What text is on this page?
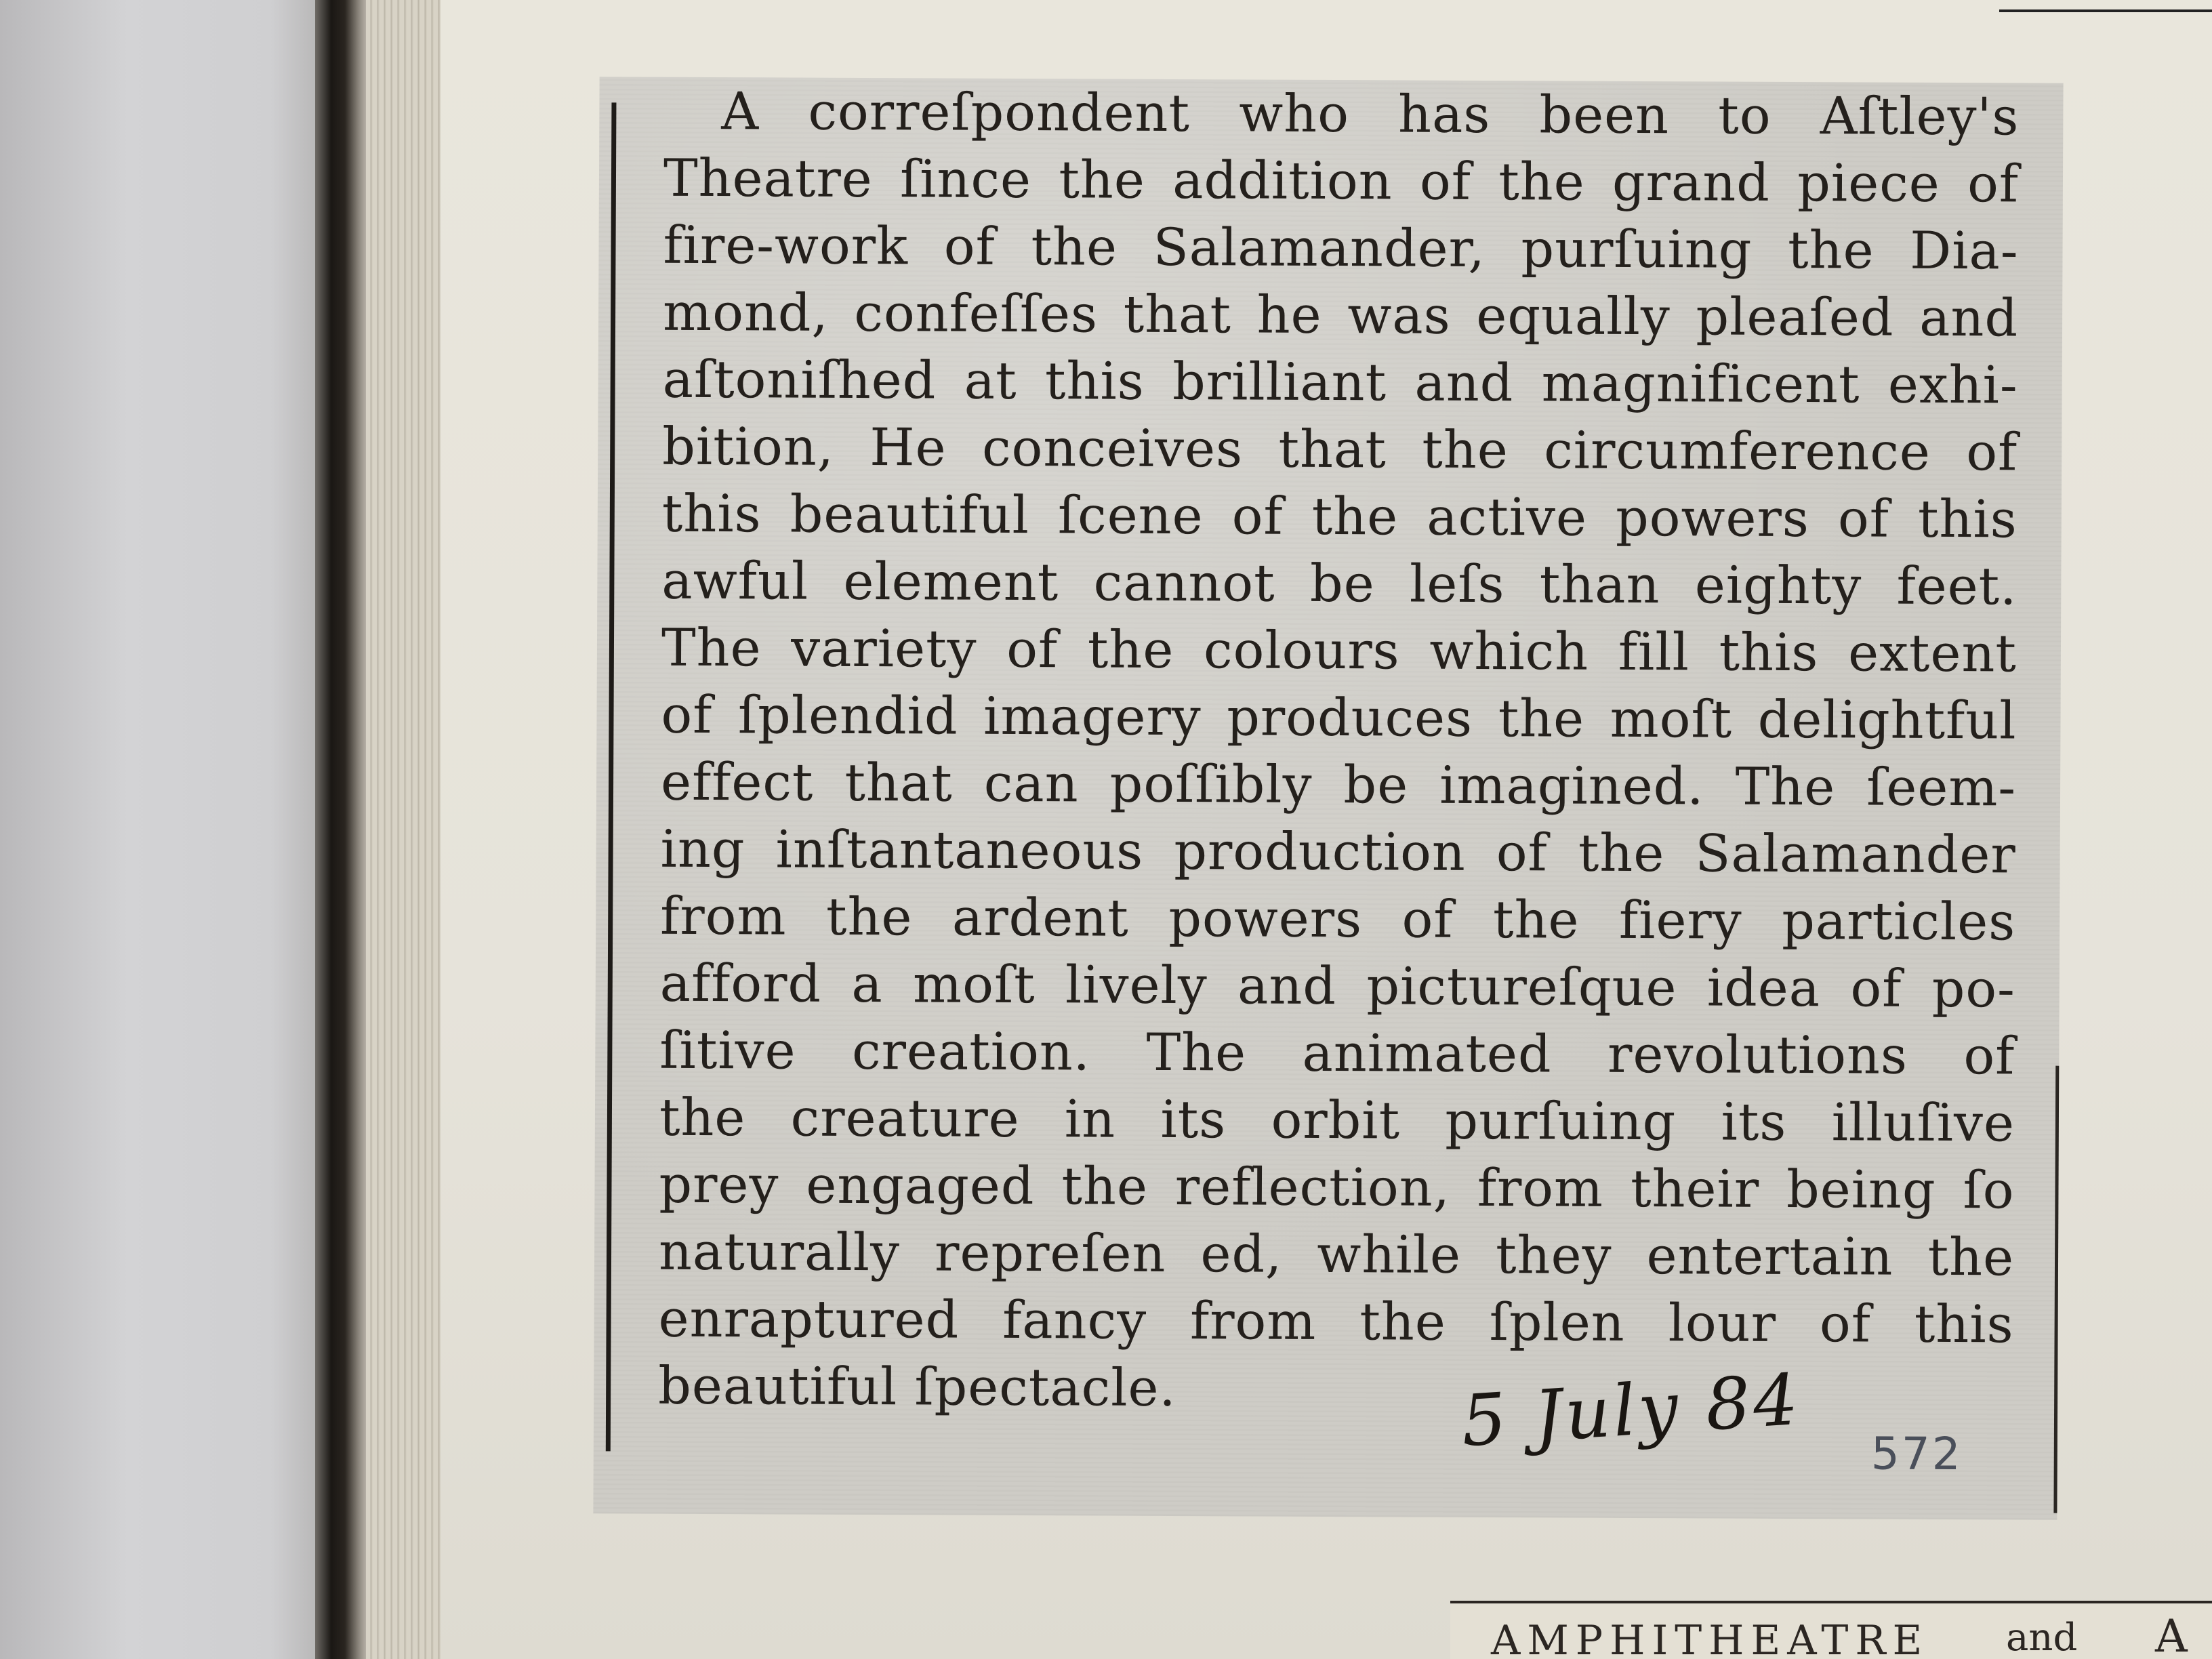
A correſpondent who has been to Aſtley's
Theatre ſince the addition of the grand piece of
fire-work of the Salamander, purſuing the Dia-
mond, confeſſes that he was equally pleaſed and
aſtoniſhed at this brilliant and magnificent exhi-
bition, He conceives that the circumference of
this beautiful ſcene of the active powers of this
awful element cannot be leſs than eighty feet.
The variety of the colours which fill this extent
of ſplendid imagery produces the moſt delightful
effect that can poſſibly be imagined. The ſeem-
ing inſtantaneous production of the Salamander
from the ardent powers of the fiery particles
afford a moſt lively and pictureſque idea of po-
ſitive creation. The animated revolutions of
the creature in its orbit purſuing its illuſive
prey engaged the reflection, from their being ſo
naturally repreſen ed, while they entertain the
enraptured fancy from the ſplen lour of this
beautiful ſpectacle.	5 July 84 572
AMPHITHEATRE and A
